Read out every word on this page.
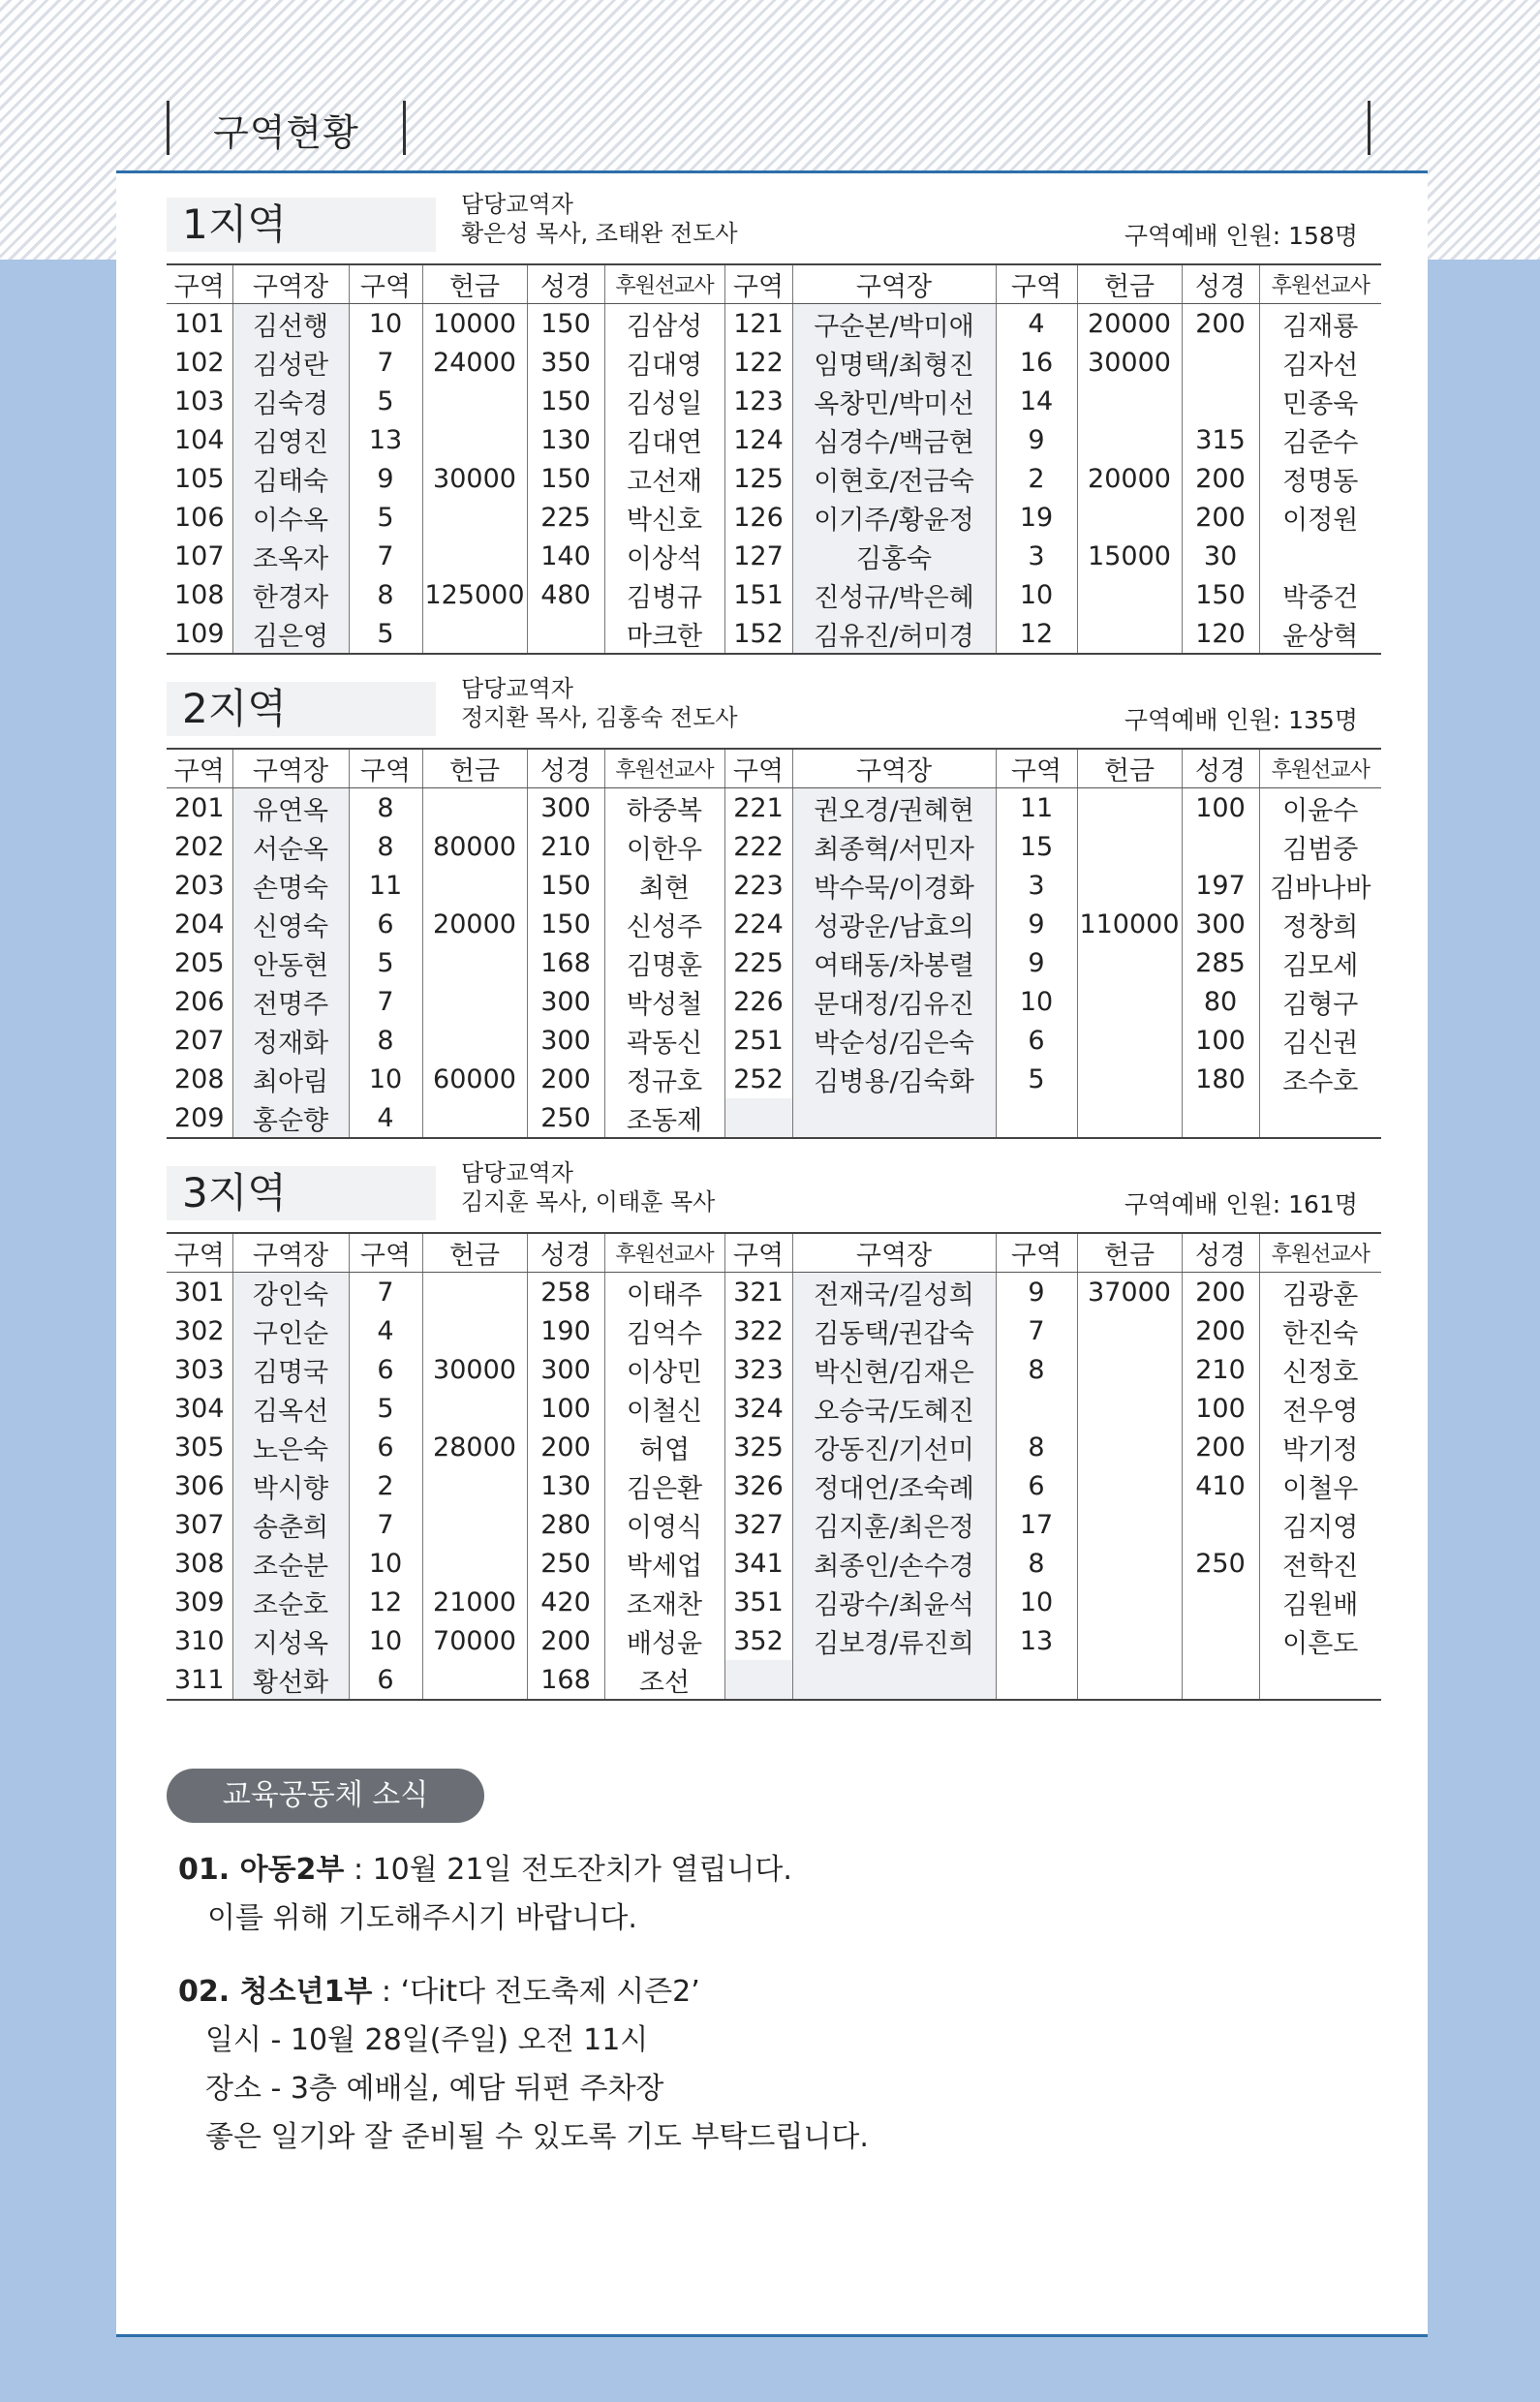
구역현황
1지역	담당교역자
황은성 목사, 조태완 전도사	구역예배 인원: 158명
구역	구역장	구역	헌금	성경	후원선교사	구역	구역장	구역	헌금	성경	후원선교사
101	김선행	10	10000	150	김삼성	121	구순본/박미애	4	20000	200	김재룡
102	김성란	7	24000	350	김대영	122	임명택/최형진	16	30000		김자선
103	김숙경	5		150	김성일	123	옥창민/박미선	14			민종욱
104	김영진	13		130	김대연	124	심경수/백금현	9		315	김준수
105	김태숙	9	30000	150	고선재	125	이현호/전금숙	2	20000	200	정명동
106	이수옥	5		225	박신호	126	이기주/황윤정	19		200	이정원
107	조옥자	7		140	이상석	127	김홍숙	3	15000	30	
108	한경자	8	125000	480	김병규	151	진성규/박은혜	10		150	박중건
109	김은영	5			마크한	152	김유진/허미경	12		120	윤상혁
2지역	담당교역자
정지환 목사, 김홍숙 전도사	구역예배 인원: 135명
구역	구역장	구역	헌금	성경	후원선교사	구역	구역장	구역	헌금	성경	후원선교사
201	유연옥	8		300	하중복	221	권오경/권혜현	11		100	이윤수
202	서순옥	8	80000	210	이한우	222	최종혁/서민자	15			김범중
203	손명숙	11		150	최현	223	박수묵/이경화	3		197	김바나바
204	신영숙	6	20000	150	신성주	224	성광운/남효의	9	110000	300	정창희
205	안동현	5		168	김명훈	225	여태동/차봉렬	9		285	김모세
206	전명주	7		300	박성철	226	문대정/김유진	10		80	김형구
207	정재화	8		300	곽동신	251	박순성/김은숙	6		100	김신권
208	최아림	10	60000	200	정규호	252	김병용/김숙화	5		180	조수호
209	홍순향	4		250	조동제						
3지역	담당교역자
김지훈 목사, 이태훈 목사	구역예배 인원: 161명
구역	구역장	구역	헌금	성경	후원선교사	구역	구역장	구역	헌금	성경	후원선교사
301	강인숙	7		258	이태주	321	전재국/길성희	9	37000	200	김광훈
302	구인순	4		190	김억수	322	김동택/권갑숙	7		200	한진숙
303	김명국	6	30000	300	이상민	323	박신현/김재은	8		210	신정호
304	김옥선	5		100	이철신	324	오승국/도혜진			100	전우영
305	노은숙	6	28000	200	허엽	325	강동진/기선미	8		200	박기정
306	박시향	2		130	김은환	326	정대언/조숙례	6		410	이철우
307	송춘희	7		280	이영식	327	김지훈/최은정	17			김지영
308	조순분	10		250	박세업	341	최종인/손수경	8		250	전학진
309	조순호	12	21000	420	조재찬	351	김광수/최윤석	10			김원배
310	지성옥	10	70000	200	배성윤	352	김보경/류진희	13			이흔도
311	황선화	6		168	조선						
교육공동체 소식
01. 아동2부 : 10월 21일 전도잔치가 열립니다.
이를 위해 기도해주시기 바랍니다.
02. 청소년1부 : ‘다it다 전도축제 시즌2’
일시 - 10월 28일(주일) 오전 11시
장소 - 3층 예배실, 예담 뒤편 주차장
좋은 일기와 잘 준비될 수 있도록 기도 부탁드립니다.
